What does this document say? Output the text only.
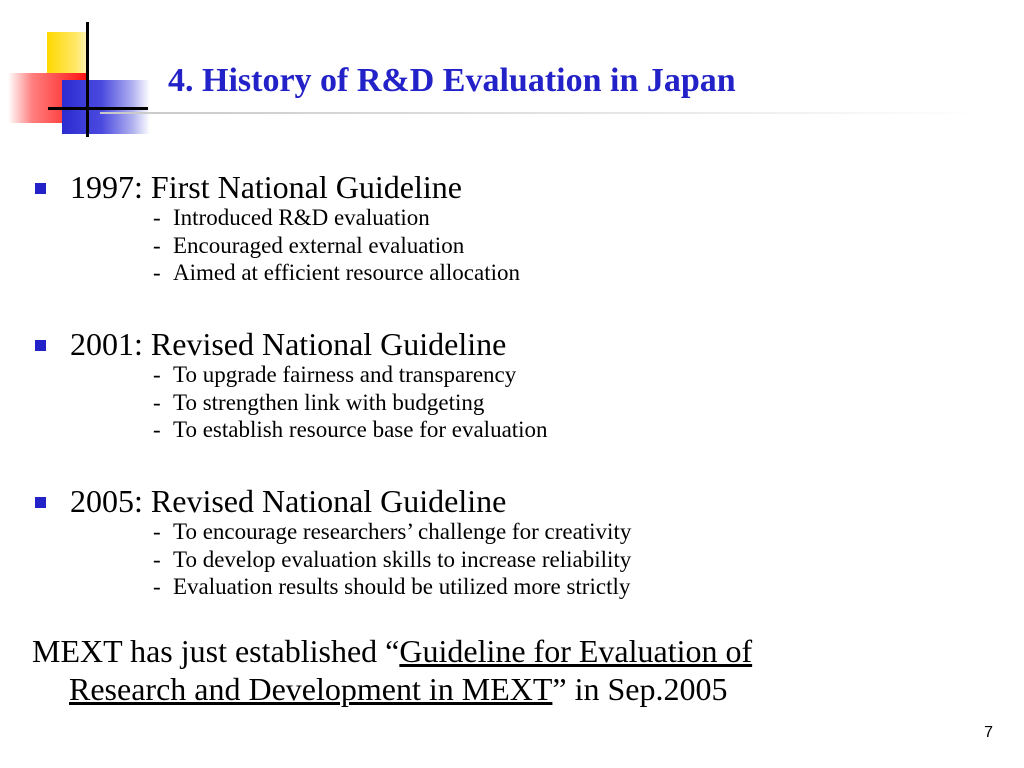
4. History of R&D Evaluation in Japan
1997: First National Guideline
- Introduced R&D evaluation
- Encouraged external evaluation
- Aimed at efficient resource allocation
2001: Revised National Guideline
- To upgrade fairness and transparency
- To strengthen link with budgeting
- To establish resource base for evaluation
2005: Revised National Guideline
- To encourage researchers’ challenge for creativity
- To develop evaluation skills to increase reliability
- Evaluation results should be utilized more strictly
MEXT has just established “Guideline for Evaluation of
Research and Development in MEXT” in Sep.2005
7
